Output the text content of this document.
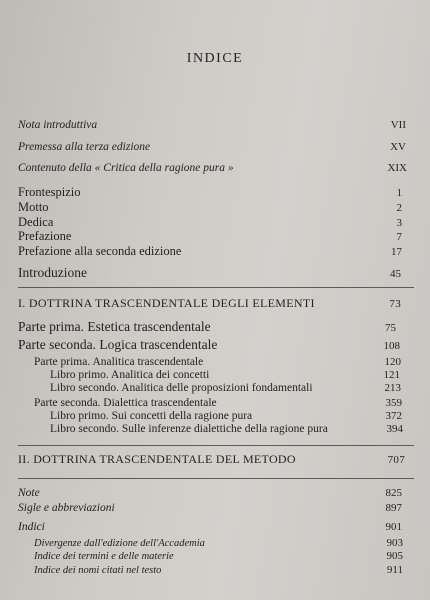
INDICE
Nota introduttiva	VII
Premessa alla terza edizione	XV
Contenuto della « Critica della ragione pura »	XIX
Frontespizio	1
Motto	2
Dedica	3
Prefazione	7
Prefazione alla seconda edizione	17
Introduzione	45
I. DOTTRINA TRASCENDENTALE DEGLI ELEMENTI	73
Parte prima. Estetica trascendentale	75
Parte seconda. Logica trascendentale	108
Parte prima. Analitica trascendentale	120
Libro primo. Analitica dei concetti	121
Libro secondo. Analitica delle proposizioni fondamentali	213
Parte seconda. Dialettica trascendentale	359
Libro primo. Sui concetti della ragione pura	372
Libro secondo. Sulle inferenze dialettiche della ragione pura	394
II. DOTTRINA TRASCENDENTALE DEL METODO	707
Note	825
Sigle e abbreviazioni	897
Indici	901
Divergenze dall'edizione dell'Accademia	903
Indice dei termini e delle materie	905
Indice dei nomi citati nel testo	911
